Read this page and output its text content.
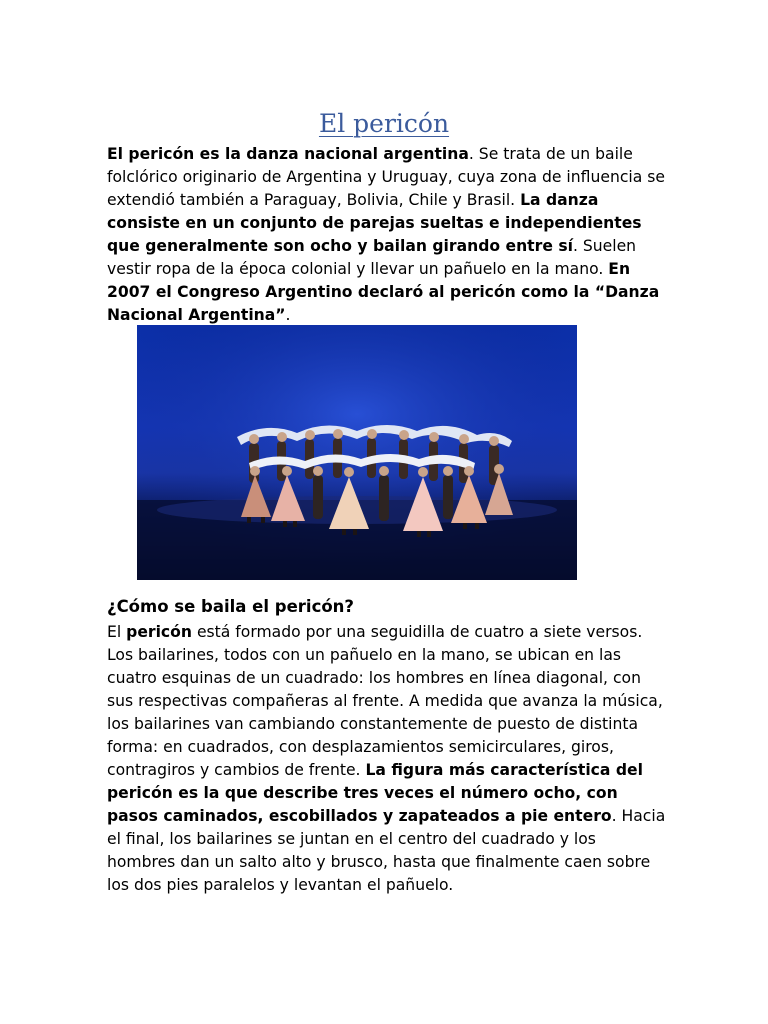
El pericón

El pericón es la danza nacional argentina. Se trata de un baile folclórico originario de Argentina y Uruguay, cuya zona de influencia se extendió también a Paraguay, Bolivia, Chile y Brasil. La danza consiste en un conjunto de parejas sueltas e independientes que generalmente son ocho y bailan girando entre sí. Suelen vestir ropa de la época colonial y llevar un pañuelo en la mano. En 2007 el Congreso Argentino declaró al pericón como la “Danza Nacional Argentina”.

¿Cómo se baila el pericón?

El pericón está formado por una seguidilla de cuatro a siete versos. Los bailarines, todos con un pañuelo en la mano, se ubican en las cuatro esquinas de un cuadrado: los hombres en línea diagonal, con sus respectivas compañeras al frente. A medida que avanza la música, los bailarines van cambiando constantemente de puesto de distinta forma: en cuadrados, con desplazamientos semicirculares, giros, contragiros y cambios de frente. La figura más característica del pericón es la que describe tres veces el número ocho, con pasos caminados, escobillados y zapateados a pie entero. Hacia el final, los bailarines se juntan en el centro del cuadrado y los hombres dan un salto alto y brusco, hasta que finalmente caen sobre los dos pies paralelos y levantan el pañuelo.
